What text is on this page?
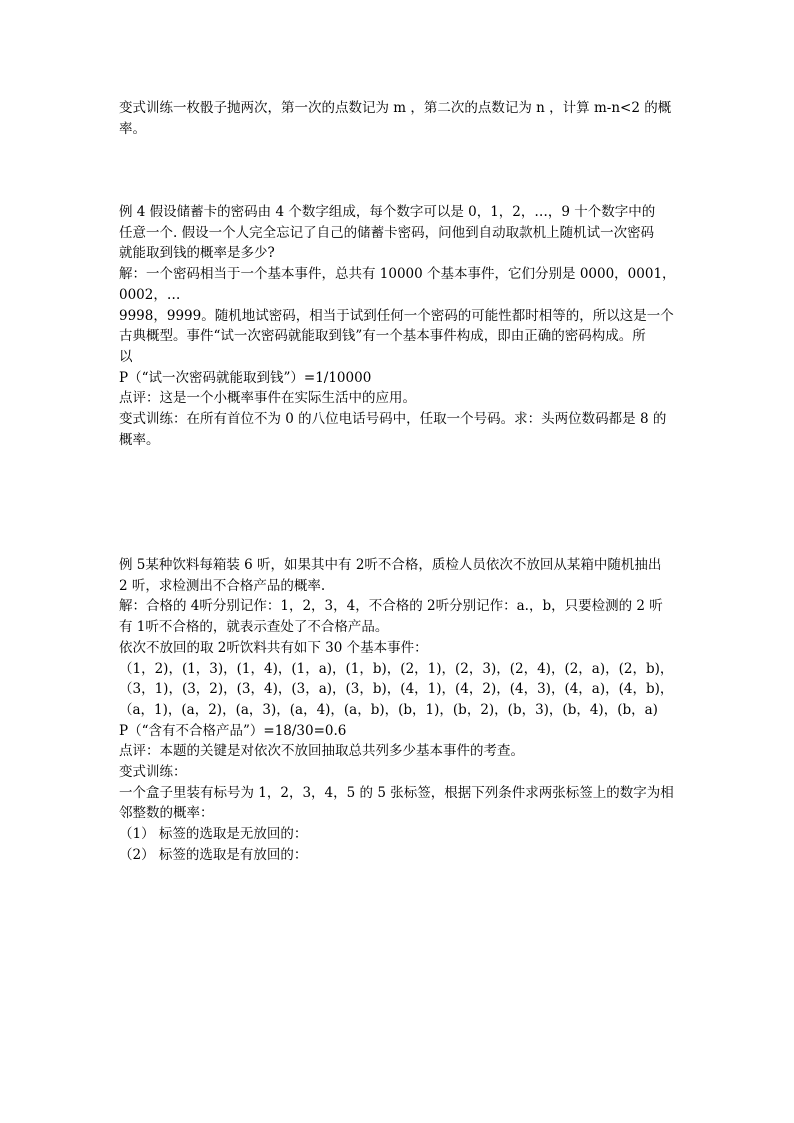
变式训练一枚骰子抛两次，第一次的点数记为 m ，第二次的点数记为 n ，计算 m-n<2 的概
率。
例 4 假设储蓄卡的密码由 4 个数字组成，每个数字可以是 0，1，2，…，9 十个数字中的
任意一个. 假设一个人完全忘记了自己的储蓄卡密码，问他到自动取款机上随机试一次密码
就能取到钱的概率是多少?
解：一个密码相当于一个基本事件，总共有 10000 个基本事件，它们分别是 0000，0001，
0002，…
9998，9999。随机地试密码，相当于试到任何一个密码的可能性都时相等的，所以这是一个
古典概型。事件“试一次密码就能取到钱”有一个基本事件构成，即由正确的密码构成。所
以
P（“试一次密码就能取到钱”）=1/10000
点评：这是一个小概率事件在实际生活中的应用。
变式训练：在所有首位不为 0 的八位电话号码中，任取一个号码。求：头两位数码都是 8 的
概率。
例 5某种饮料每箱装 6 听，如果其中有 2听不合格，质检人员依次不放回从某箱中随机抽出
2 听，求检测出不合格产品的概率.
解：合格的 4听分别记作：1，2，3，4，不合格的 2听分别记作：a.，b，只要检测的 2 听
有 1听不合格的，就表示查处了不合格产品。
依次不放回的取 2听饮料共有如下 30 个基本事件：
（1，2)，(1，3)，(1，4)，(1，a)，(1，b)，(2，1)，(2，3)，(2，4)，(2，a)，(2，b)，
（3，1)，(3，2)，(3，4)，(3，a)，(3，b)，(4，1)，(4，2)，(4，3)，(4，a)，(4，b)，
（a，1)，(a，2)，(a，3)，(a，4)，(a，b)，(b，1)，(b，2)，(b，3)，(b，4)，(b，a)
P（“含有不合格产品”）=18/30=0.6
点评：本题的关键是对依次不放回抽取总共列多少基本事件的考查。
变式训练：
一个盒子里装有标号为 1，2，3，4，5 的 5 张标签，根据下列条件求两张标签上的数字为相
邻整数的概率：
（1） 标签的选取是无放回的：
（2） 标签的选取是有放回的：
